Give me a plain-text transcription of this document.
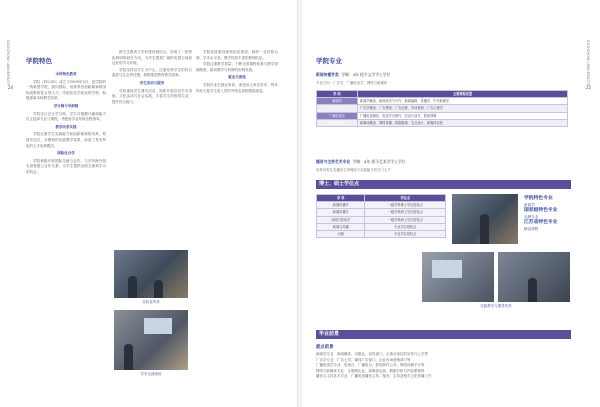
SOOCHOW UNIVERSITY
24
学院特色

本科特色教育

学院（PCCGS）成立于2009年3月，是学院的一所新型学院，面向国际，培养具有创新精神和国际视野的复合型人才。学院依托学校优势学科，积极探索本科教学改革。

学分制与导师制

学院实行完全学分制，学生可根据兴趣和能力自主选择专业与课程，并配备学业导师全程指导。

教学改革实践

学院注重学生实践能力和创新精神的培养，构建多层次、多模块的实践教学体系，形成了具有特色的人才培养模式。

国际化办学

学院积极开展国际交流与合作，与多所海外知名高校建立合作关系，为学生提供出国交流和学习的机会。

研究生教育与学科建设相结合，形成了一批特色鲜明的研究方向，为学生提供广阔的发展空间和良好的学习环境。

学院坚持以学生为中心，注重培养学生的综合素质与社会责任感，积极推进教育教学改革。

学生活动与服务

学院重视学生课外活动，组织开展各类学术讲座、文化活动与社会实践，丰富学生的校园生活，提升综合能力。

实验室风采
学术交流现场

学院高度重视师资队伍建设，拥有一支结构合理、学术水平高、教学经验丰富的教师队伍。

学院注重教学质量，不断完善课程体系与教学管理制度，推动教学与科研的协调发展。

就业与深造

学院毕业生就业率高，深受用人单位好评，每年均有大批学生进入国内外知名高校继续深造。

SOOCHOW UNIVERSITY
25
学院专业
新闻传播学类 学制：4年 授予文学学士学位
专业方向：广告学、广播电视学、网络与新媒体
学 科	主要课程设置
新闻学	新闻学概论、新闻采访与写作、新闻编辑、传播学、中外新闻史
广告学	广告学概论、广告策划、广告创意、市场营销、广告心理学
广播电视学	广播电视概论、电视节目制作、纪录片创作、影视剪辑
网络与新媒体	新媒体概论、网络传播、数据新闻、交互设计、新媒体运营
播音与主持艺术专业 学制：4年 授予艺术学学士学位
培养具有扎实播音主持理论与实践能力的专门人才
博士、硕士学位点
学 科	学位点
新闻传播学	一级学科博士学位授权点
新闻传播学	一级学科硕士学位授权点
戏剧与影视学	一级学科硕士学位授权点
新闻与传播	专业学位授权点
出版	专业学位授权点
学院特色专业
新闻学
国家级特色专业
品牌专业
江苏省特色专业
精品课程
实践教学与课堂风采
毕业前景
就业前景
新闻学专业：新闻媒体、出版社、宣传部门、企事业单位的宣传与公关等
广告学专业：广告公司、媒体广告部门、企业市场营销部门等
广播电视学专业：电视台、广播电台、影视制作公司、网络视频平台等
网络与新媒体专业：互联网企业、新媒体运营、数据分析与内容策划等
播音与主持艺术专业：广播电视播音主持、配音、主持及相关文化传播工作
